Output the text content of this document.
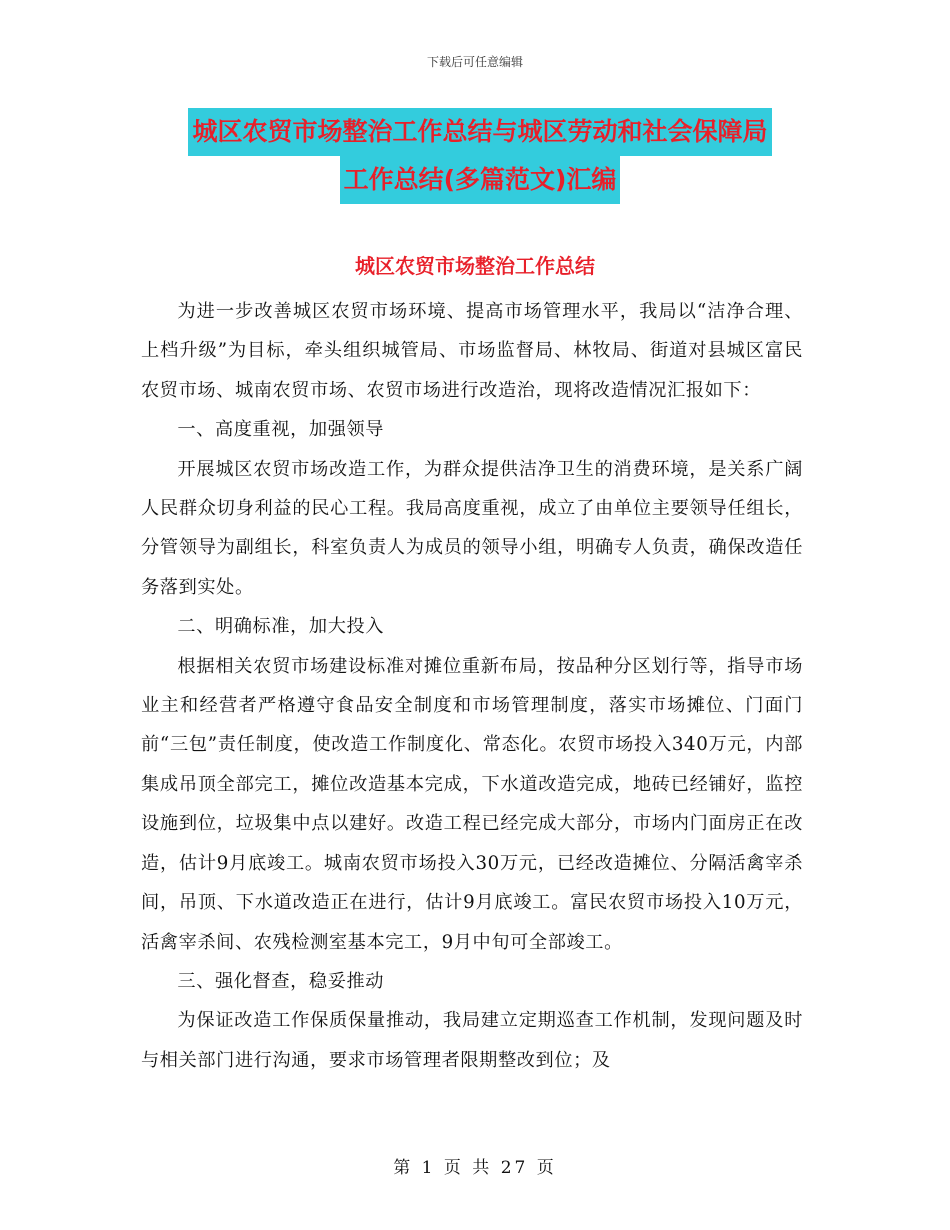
下载后可任意编辑
城区农贸市场整治工作总结与城区劳动和社会保障局
工作总结(多篇范文)汇编
城区农贸市场整治工作总结

为进一步改善城区农贸市场环境、提高市场管理水平，我局以“洁净合理、上档升级”为目标，牵头组织城管局、市场监督局、林牧局、街道对县城区富民农贸市场、城南农贸市场、农贸市场进行改造治，现将改造情况汇报如下：

一、高度重视，加强领导

开展城区农贸市场改造工作，为群众提供洁净卫生的消费环境，是关系广阔人民群众切身利益的民心工程。我局高度重视，成立了由单位主要领导任组长，分管领导为副组长，科室负责人为成员的领导小组，明确专人负责，确保改造任务落到实处。

二、明确标准，加大投入

根据相关农贸市场建设标准对摊位重新布局，按品种分区划行等，指导市场业主和经营者严格遵守食品安全制度和市场管理制度，落实市场摊位、门面门前“三包”责任制度，使改造工作制度化、常态化。农贸市场投入340万元，内部集成吊顶全部完工，摊位改造基本完成，下水道改造完成，地砖已经铺好，监控设施到位，垃圾集中点以建好。改造工程已经完成大部分，市场内门面房正在改造，估计9月底竣工。城南农贸市场投入30万元，已经改造摊位、分隔活禽宰杀间，吊顶、下水道改造正在进行，估计9月底竣工。富民农贸市场投入10万元，活禽宰杀间、农残检测室基本完工，9月中旬可全部竣工。

三、强化督查，稳妥推动

为保证改造工作保质保量推动，我局建立定期巡查工作机制，发现问题及时与相关部门进行沟通，要求市场管理者限期整改到位；及

第 1 页 共 27 页
